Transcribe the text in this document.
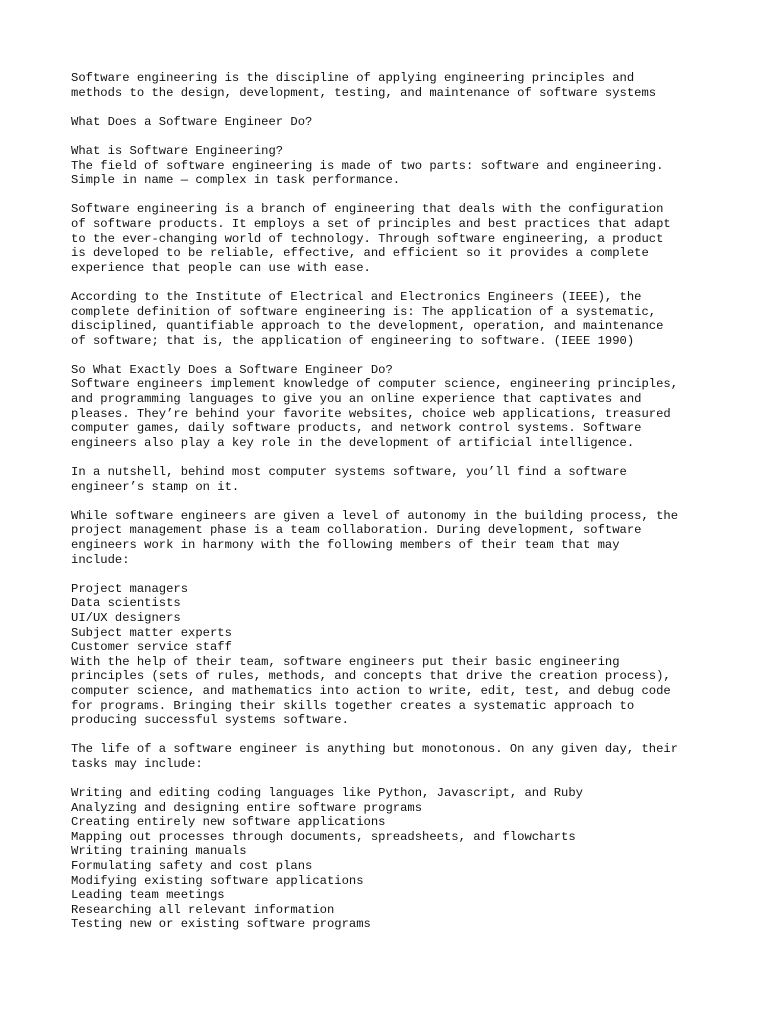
Software engineering is the discipline of applying engineering principles and
methods to the design, development, testing, and maintenance of software systems
What Does a Software Engineer Do?
What is Software Engineering?
The field of software engineering is made of two parts: software and engineering.
Simple in name — complex in task performance.
Software engineering is a branch of engineering that deals with the configuration
of software products. It employs a set of principles and best practices that adapt
to the ever-changing world of technology. Through software engineering, a product
is developed to be reliable, effective, and efficient so it provides a complete
experience that people can use with ease.
According to the Institute of Electrical and Electronics Engineers (IEEE), the
complete definition of software engineering is: The application of a systematic,
disciplined, quantifiable approach to the development, operation, and maintenance
of software; that is, the application of engineering to software. (IEEE 1990)
So What Exactly Does a Software Engineer Do?
Software engineers implement knowledge of computer science, engineering principles,
and programming languages to give you an online experience that captivates and
pleases. They’re behind your favorite websites, choice web applications, treasured
computer games, daily software products, and network control systems. Software
engineers also play a key role in the development of artificial intelligence.
In a nutshell, behind most computer systems software, you’ll find a software
engineer’s stamp on it.
While software engineers are given a level of autonomy in the building process, the
project management phase is a team collaboration. During development, software
engineers work in harmony with the following members of their team that may
include:
Project managers
Data scientists
UI/UX designers
Subject matter experts
Customer service staff
With the help of their team, software engineers put their basic engineering
principles (sets of rules, methods, and concepts that drive the creation process),
computer science, and mathematics into action to write, edit, test, and debug code
for programs. Bringing their skills together creates a systematic approach to
producing successful systems software.
The life of a software engineer is anything but monotonous. On any given day, their
tasks may include:
Writing and editing coding languages like Python, Javascript, and Ruby
Analyzing and designing entire software programs
Creating entirely new software applications
Mapping out processes through documents, spreadsheets, and flowcharts
Writing training manuals
Formulating safety and cost plans
Modifying existing software applications
Leading team meetings
Researching all relevant information
Testing new or existing software programs
